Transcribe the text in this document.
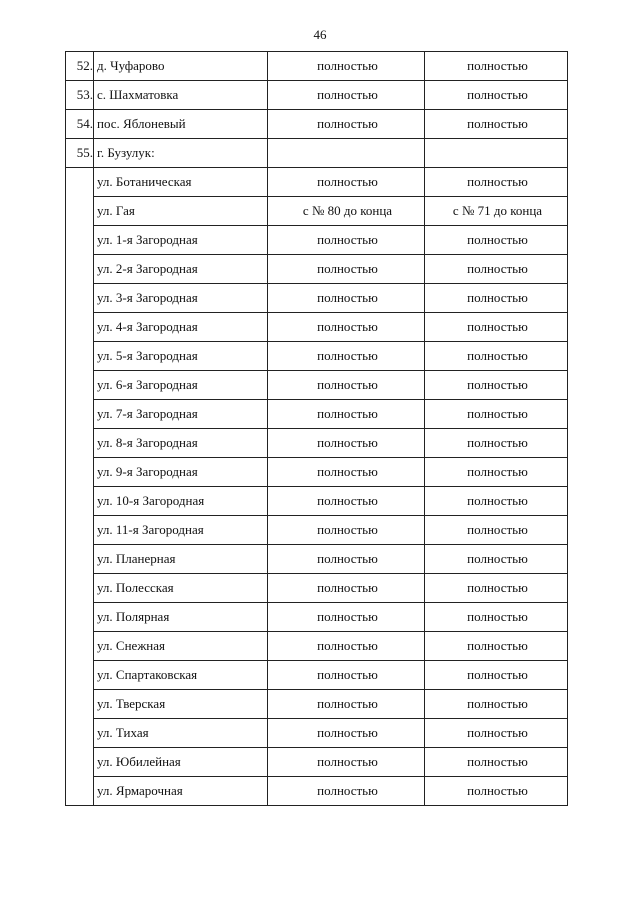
46
52.	д. Чуфарово	полностью	полностью
53.	с. Шахматовка	полностью	полностью
54.	пос. Яблоневый	полностью	полностью
55.	г. Бузулук:		
	ул. Ботаническая	полностью	полностью
	ул. Гая	с № 80 до конца	с № 71 до конца
	ул. 1-я Загородная	полностью	полностью
	ул. 2-я Загородная	полностью	полностью
	ул. 3-я Загородная	полностью	полностью
	ул. 4-я Загородная	полностью	полностью
	ул. 5-я Загородная	полностью	полностью
	ул. 6-я Загородная	полностью	полностью
	ул. 7-я Загородная	полностью	полностью
	ул. 8-я Загородная	полностью	полностью
	ул. 9-я Загородная	полностью	полностью
	ул. 10-я Загородная	полностью	полностью
	ул. 11-я Загородная	полностью	полностью
	ул. Планерная	полностью	полностью
	ул. Полесская	полностью	полностью
	ул. Полярная	полностью	полностью
	ул. Снежная	полностью	полностью
	ул. Спартаковская	полностью	полностью
	ул. Тверская	полностью	полностью
	ул. Тихая	полностью	полностью
	ул. Юбилейная	полностью	полностью
	ул. Ярмарочная	полностью	полностью
